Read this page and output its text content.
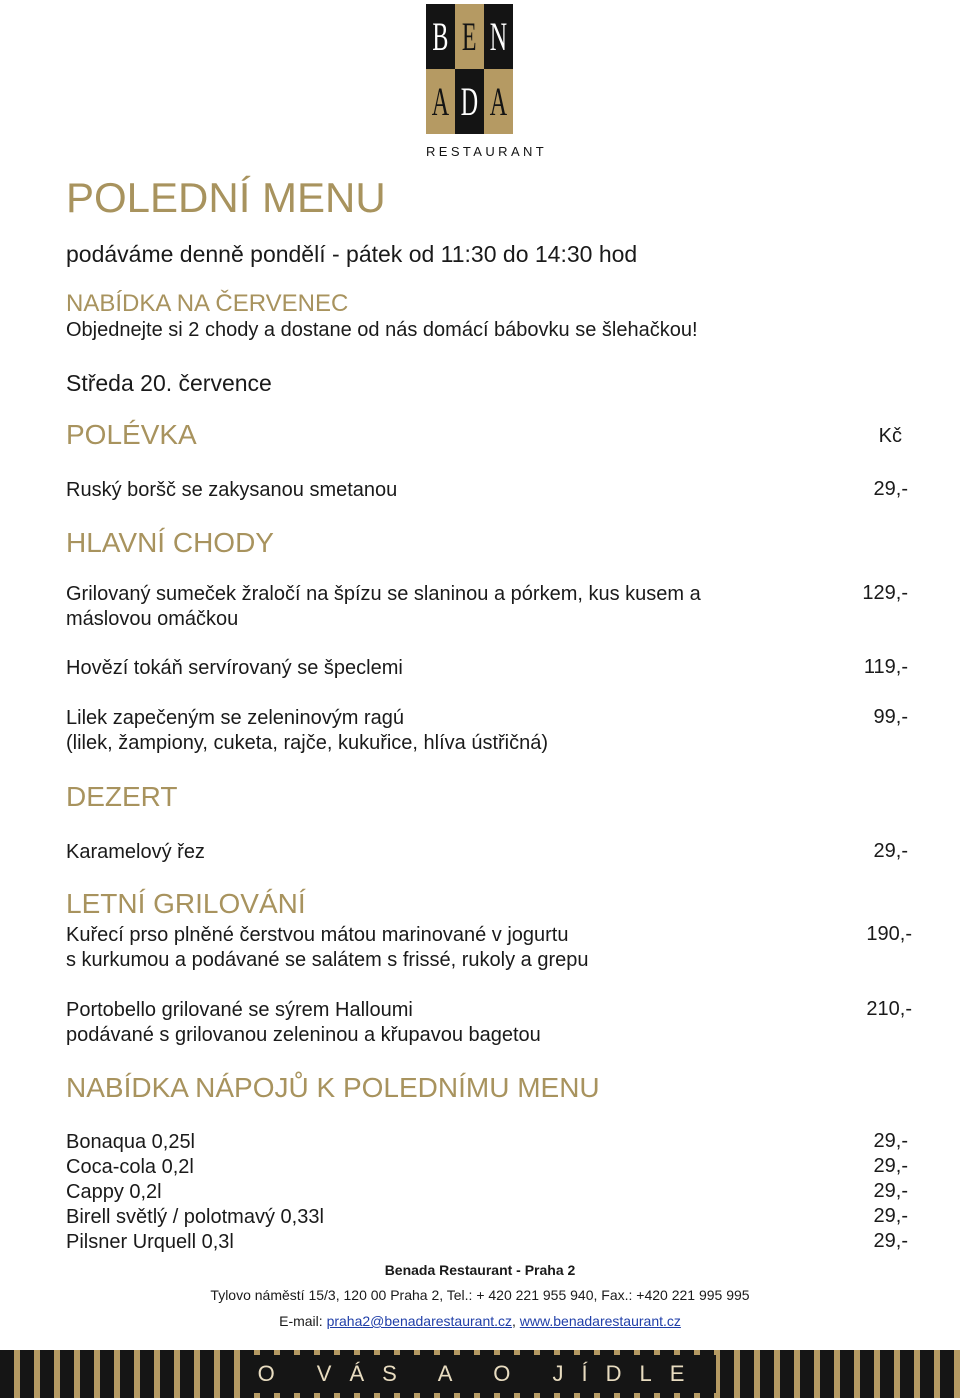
B E N
A D A
RESTAURANT
POLEDNÍ MENU
podáváme denně pondělí - pátek od 11:30 do 14:30 hod
NABÍDKA NA ČERVENEC
Objednejte si 2 chody a dostane od nás domácí bábovku se šlehačkou!
Středa 20. července
POLÉVKA	Kč
Ruský boršč se zakysanou smetanou	29,-
HLAVNÍ CHODY
Grilovaný sumeček žraločí na špízu se slaninou a pórkem, kus kusem a
máslovou omáčkou
129,-
Hovězí tokáň servírovaný se špeclemi	119,-
Lilek zapečeným se zeleninovým ragú
(lilek, žampiony, cuketa, rajče, kukuřice, hlíva ústřičná)
99,-
DEZERT
Karamelový řez	29,-
LETNÍ GRILOVÁNÍ
Kuřecí prso plněné čerstvou mátou marinované v jogurtu
s kurkumou a podávané se salátem s frissé, rukoly a grepu
190,-
Portobello grilované se sýrem Halloumi
podávané s grilovanou zeleninou a křupavou bagetou
210,-
NABÍDKA NÁPOJŮ K POLEDNÍMU MENU
Bonaqua 0,25l	29,-
Coca-cola 0,2l	29,-
Cappy 0,2l	29,-
Birell světlý / polotmavý 0,33l	29,-
Pilsner Urquell 0,3l	29,-
Benada Restaurant - Praha 2
Tylovo náměstí 15/3, 120 00 Praha 2, Tel.: + 420 221 955 940, Fax.: +420 221 995 995
E-mail: praha2@benadarestaurant.cz, www.benadarestaurant.cz
O VÁS A O JÍDLE
